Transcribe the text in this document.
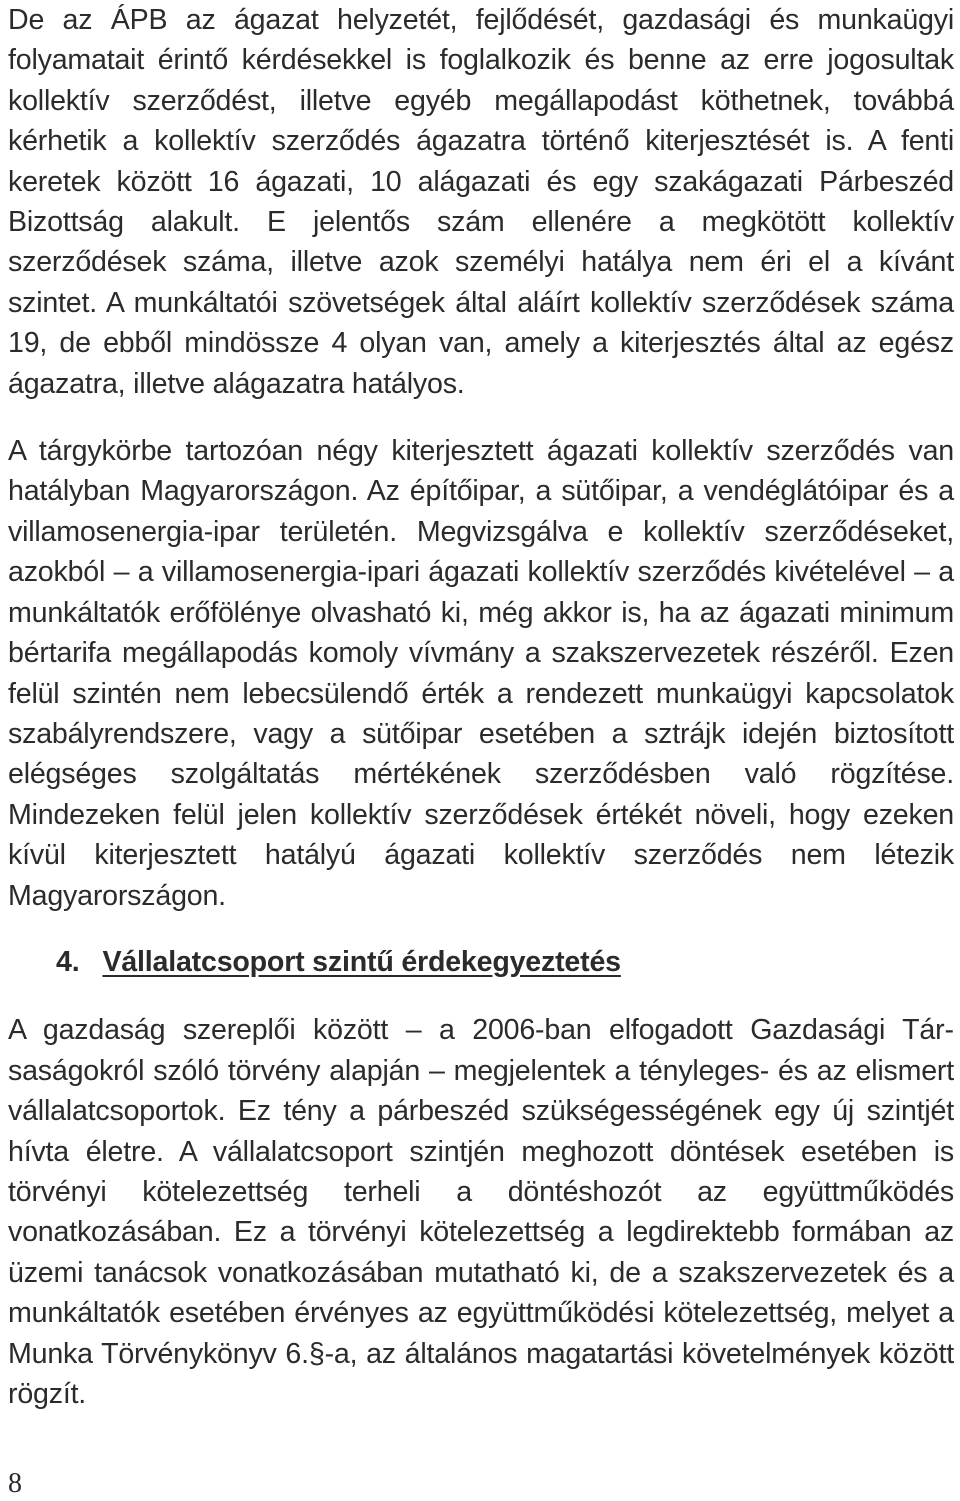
De az ÁPB az ágazat helyzetét, fejlődését, gazdasági és munkaügyi folyamatait érintő kérdésekkel is foglalkozik és benne az erre jogosultak kollektív szerződést, illetve egyéb megállapodást köthetnek, továbbá kérhetik a kollektív szerződés ágazatra történő kiterjesztését is. A fenti keretek között 16 ágazati, 10 alágazati és egy szakágazati Párbeszéd Bizottság alakult. E jelentős szám ellenére a megkötött kollektív szerződések száma, illetve azok személyi hatálya nem éri el a kívánt szintet. A munkáltatói szövetségek által aláírt kollektív szerződések száma 19, de ebből mindössze 4 olyan van, amely a kiterjesztés által az egész ágazatra, illetve alágazatra hatályos.

A tárgykörbe tartozóan négy kiterjesztett ágazati kollektív szerződés van hatályban Magyarországon. Az építőipar, a sütőipar, a vendéglátóipar és a villamosenergia-ipar területén. Megvizsgálva e kollektív szerződéseket, azokból – a villamosenergia-ipari ágazati kollektív szerződés kivételével – a munkáltatók erőfölénye olvasható ki, még akkor is, ha az ágazati minimum bértarifa megállapodás komoly vívmány a szakszervezetek részéről. Ezen felül szintén nem lebecsülendő érték a rendezett munkaügyi kapcsolatok szabályrendszere, vagy a sütőipar esetében a sztrájk idején biztosított elégséges szolgáltatás mértékének szerződésben való rögzítése. Mindezeken felül jelen kollektív szerződések értékét növeli, hogy ezeken kívül kiterjesztett hatályú ágazati kollektív szerződés nem létezik Magyarországon.

4. Vállalatcsoport szintű érdekegyeztetés

A gazdaság szereplői között – a 2006-ban elfogadott Gazdasági Társaságokról szóló törvény alapján – megjelentek a tényleges- és az elismert vállalatcsoportok. Ez tény a párbeszéd szükségességének egy új szintjét hívta életre. A vállalatcsoport szintjén meghozott döntések esetében is törvényi kötelezettség terheli a döntéshozót az együttműködés vonatkozásában. Ez a törvényi kötelezettség a legdirektebb formában az üzemi tanácsok vonatkozásában mutatható ki, de a szakszervezetek és a munkáltatók esetében érvényes az együttműködési kötelezettség, melyet a Munka Törvénykönyv 6.§-a, az általános magatartási követelmények között rögzít.

8
